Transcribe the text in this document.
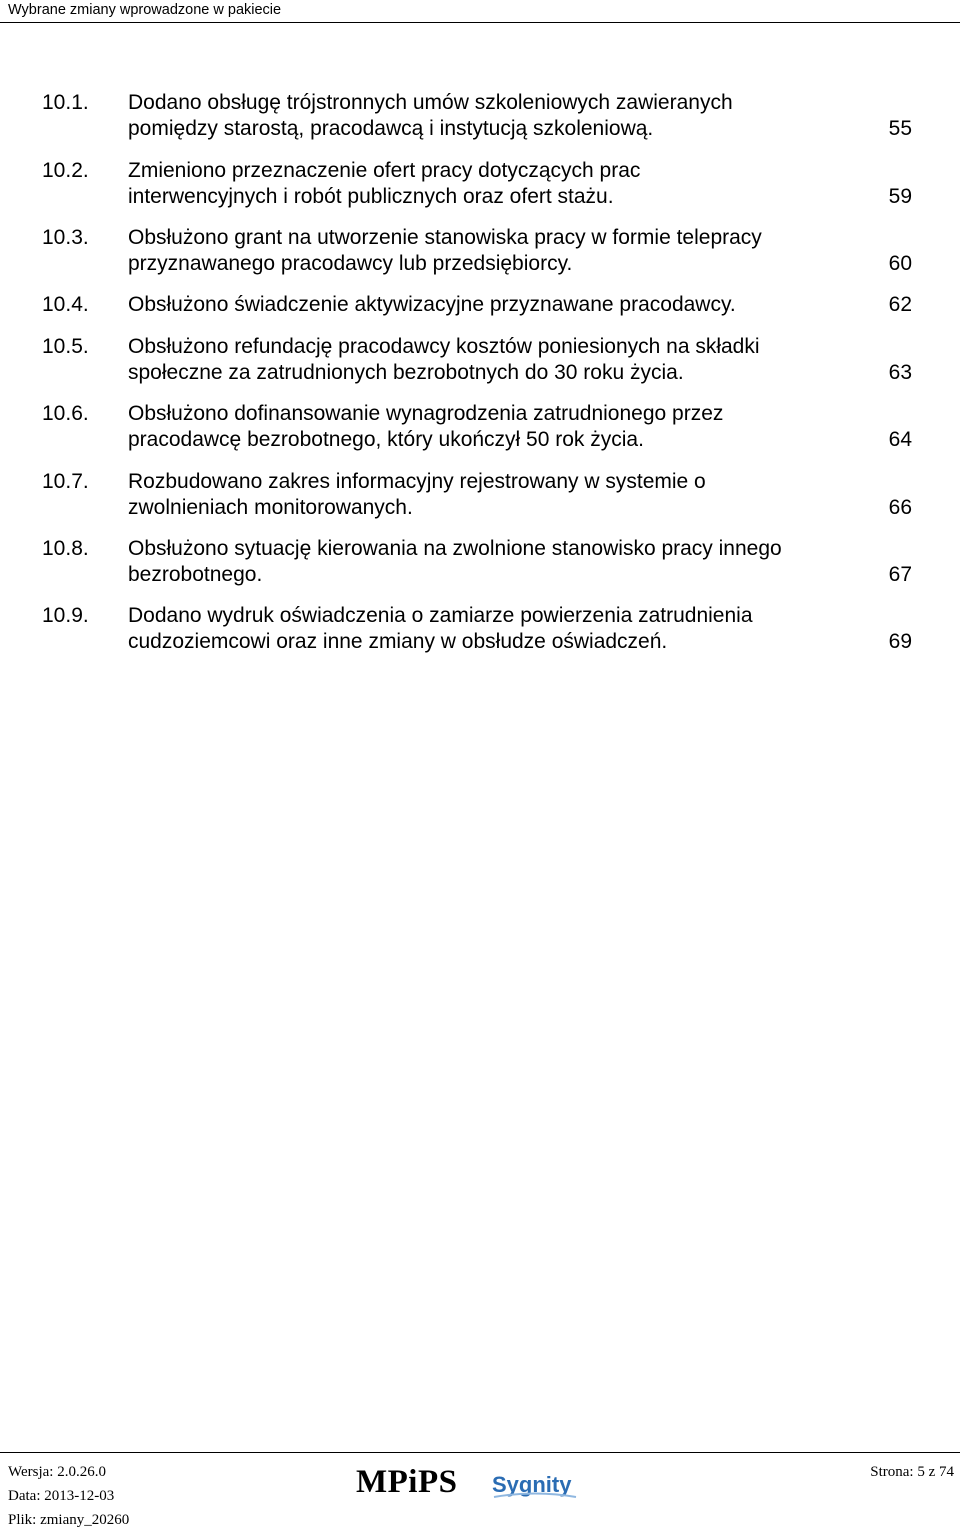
Wybrane zmiany wprowadzone w pakiecie
10.1. Dodano obsługę trójstronnych umów szkoleniowych zawieranych
pomiędzy starostą, pracodawcą i instytucją szkoleniową.	55
10.2. Zmieniono przeznaczenie ofert pracy dotyczących prac
interwencyjnych i robót publicznych oraz ofert stażu.	59
10.3. Obsłużono grant na utworzenie stanowiska pracy w formie telepracy
przyznawanego pracodawcy lub przedsiębiorcy.	60
10.4. Obsłużono świadczenie aktywizacyjne przyznawane pracodawcy.	62
10.5. Obsłużono refundację pracodawcy kosztów poniesionych na składki
społeczne za zatrudnionych bezrobotnych do 30 roku życia.	63
10.6. Obsłużono dofinansowanie wynagrodzenia zatrudnionego przez
pracodawcę bezrobotnego, który ukończył 50 rok życia.	64
10.7. Rozbudowano zakres informacyjny rejestrowany w systemie o
zwolnieniach monitorowanych.	66
10.8. Obsłużono sytuację kierowania na zwolnione stanowisko pracy innego
bezrobotnego.	67
10.9. Dodano wydruk oświadczenia o zamiarze powierzenia zatrudnienia
cudzoziemcowi oraz inne zmiany w obsłudze oświadczeń.	69
Wersja: 2.0.26.0
Data: 2013-12-03
Plik: zmiany_20260
MPiPS Sygnity	Strona: 5 z 74
